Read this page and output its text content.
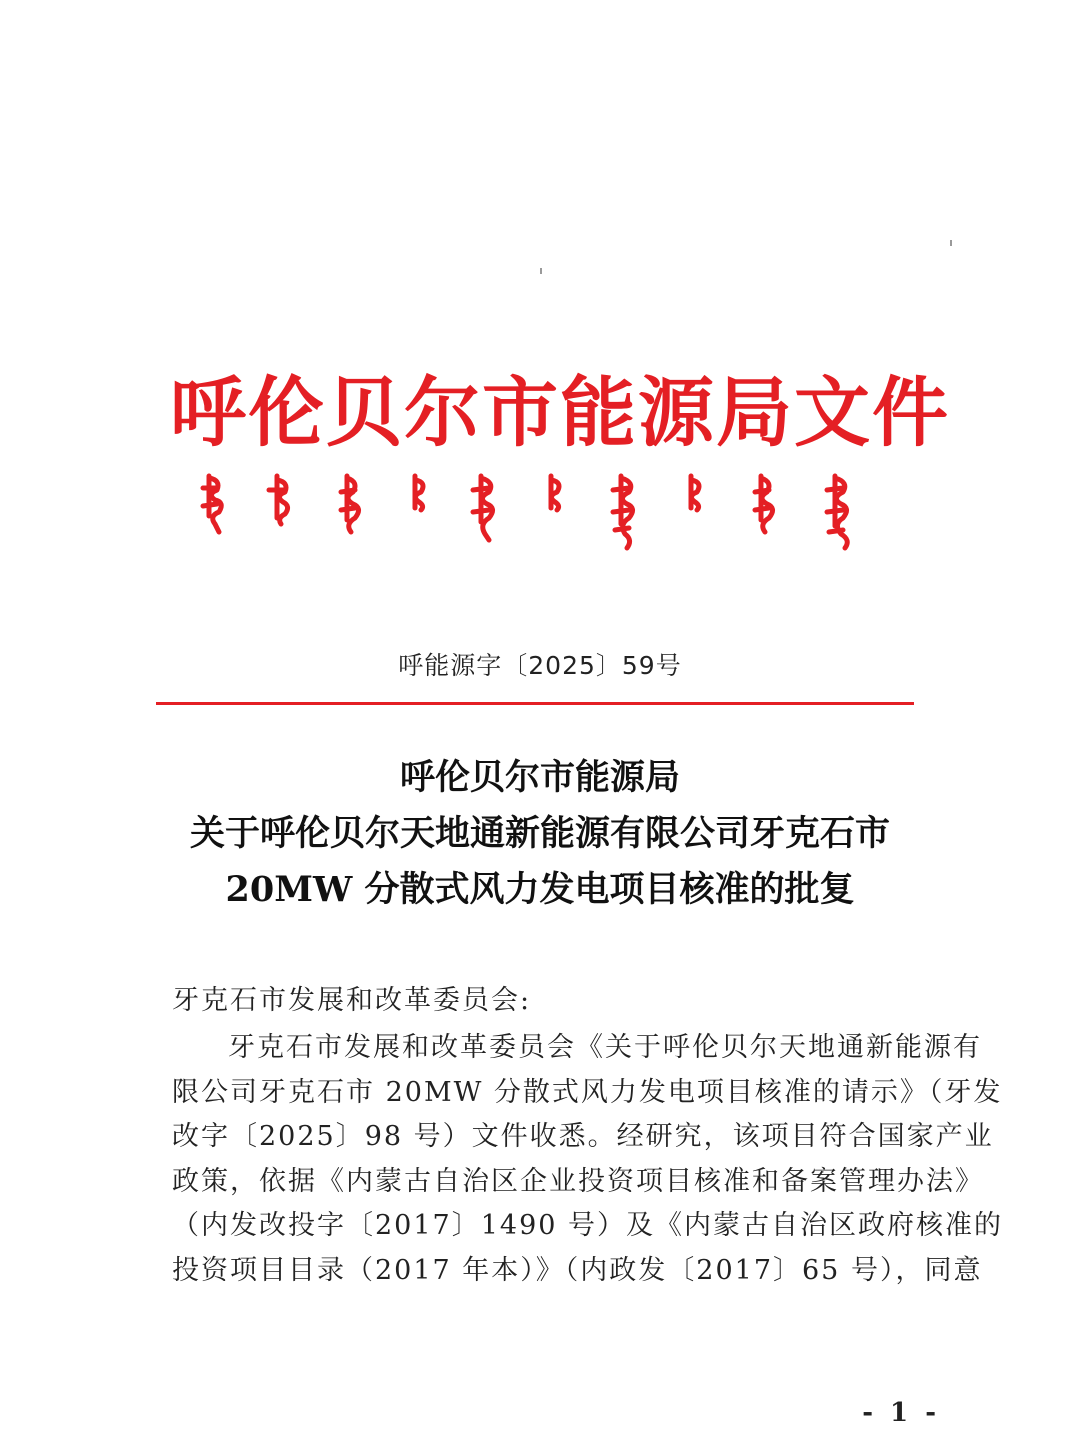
呼伦贝尔市能源局文件
呼能源字〔2025〕59号
呼伦贝尔市能源局
关于呼伦贝尔天地通新能源有限公司牙克石市
20MW 分散式风力发电项目核准的批复
牙克石市发展和改革委员会:
牙克石市发展和改革委员会《关于呼伦贝尔天地通新能源有
限公司牙克石市 20MW 分散式风力发电项目核准的请示》（牙发
改字〔2025〕98 号）文件收悉。经研究，该项目符合国家产业
政策，依据《内蒙古自治区企业投资项目核准和备案管理办法》
（内发改投字〔2017〕1490 号）及《内蒙古自治区政府核准的
投资项目目录（2017 年本）》（内政发〔2017〕65 号），同意
- 1 -
